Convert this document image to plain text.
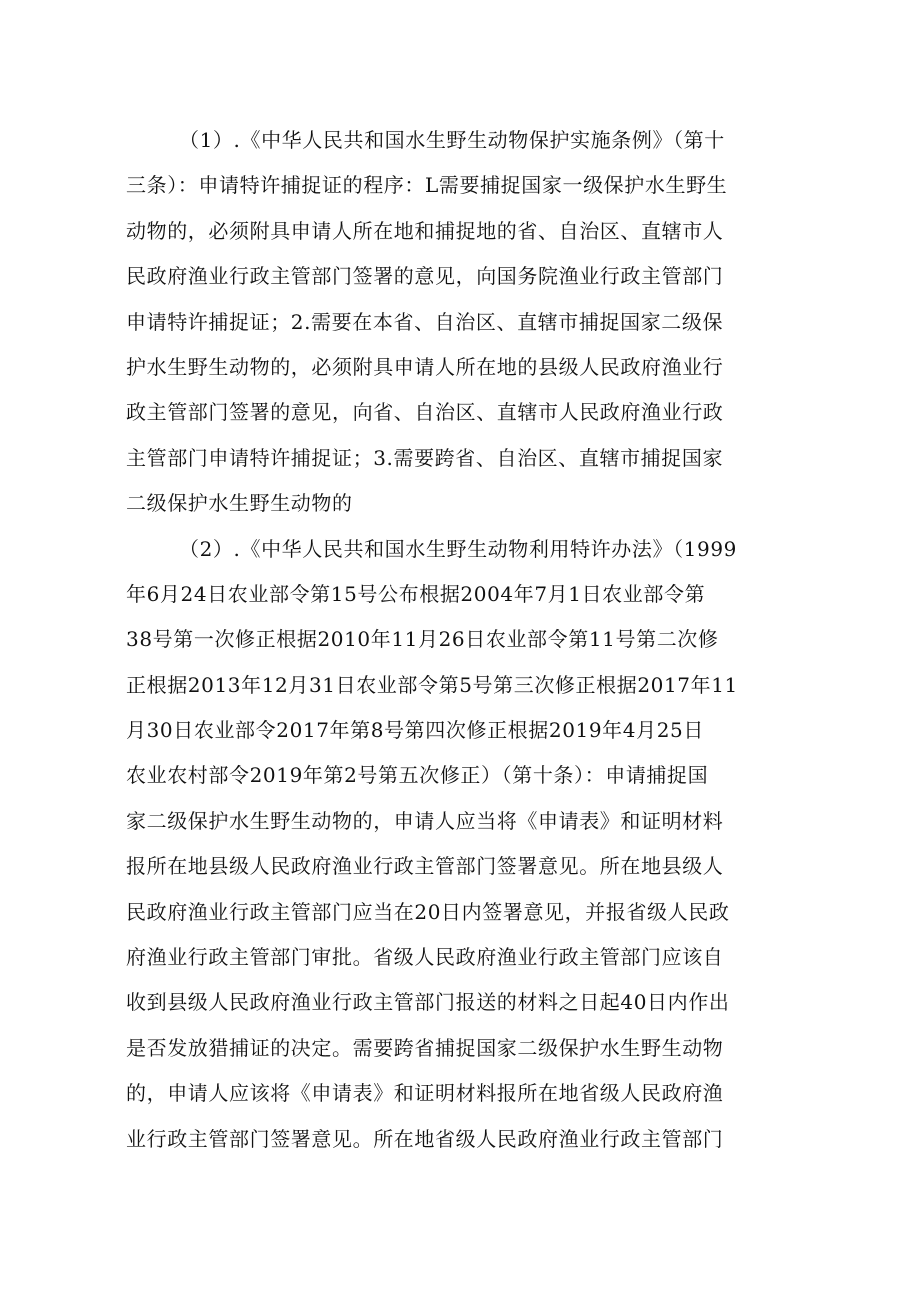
（1）.《中华人民共和国水生野生动物保护实施条例》（第十
三条）：申请特许捕捉证的程序：L需要捕捉国家一级保护水生野生
动物的，必须附具申请人所在地和捕捉地的省、自治区、直辖市人
民政府渔业行政主管部门签署的意见，向国务院渔业行政主管部门
申请特许捕捉证；2.需要在本省、自治区、直辖市捕捉国家二级保
护水生野生动物的，必须附具申请人所在地的县级人民政府渔业行
政主管部门签署的意见，向省、自治区、直辖市人民政府渔业行政
主管部门申请特许捕捉证；3.需要跨省、自治区、直辖市捕捉国家
二级保护水生野生动物的
（2）.《中华人民共和国水生野生动物利用特许办法》（1999
年6月24日农业部令第15号公布根据2004年7月1日农业部令第
38号第一次修正根据2010年11月26日农业部令第11号第二次修
正根据2013年12月31日农业部令第5号第三次修正根据2017年11
月30日农业部令2017年第8号第四次修正根据2019年4月25日
农业农村部令2019年第2号第五次修正）（第十条）：申请捕捉国
家二级保护水生野生动物的，申请人应当将《申请表》和证明材料
报所在地县级人民政府渔业行政主管部门签署意见。所在地县级人
民政府渔业行政主管部门应当在20日内签署意见，并报省级人民政
府渔业行政主管部门审批。省级人民政府渔业行政主管部门应该自
收到县级人民政府渔业行政主管部门报送的材料之日起40日内作出
是否发放猎捕证的决定。需要跨省捕捉国家二级保护水生野生动物
的，申请人应该将《申请表》和证明材料报所在地省级人民政府渔
业行政主管部门签署意见。所在地省级人民政府渔业行政主管部门
